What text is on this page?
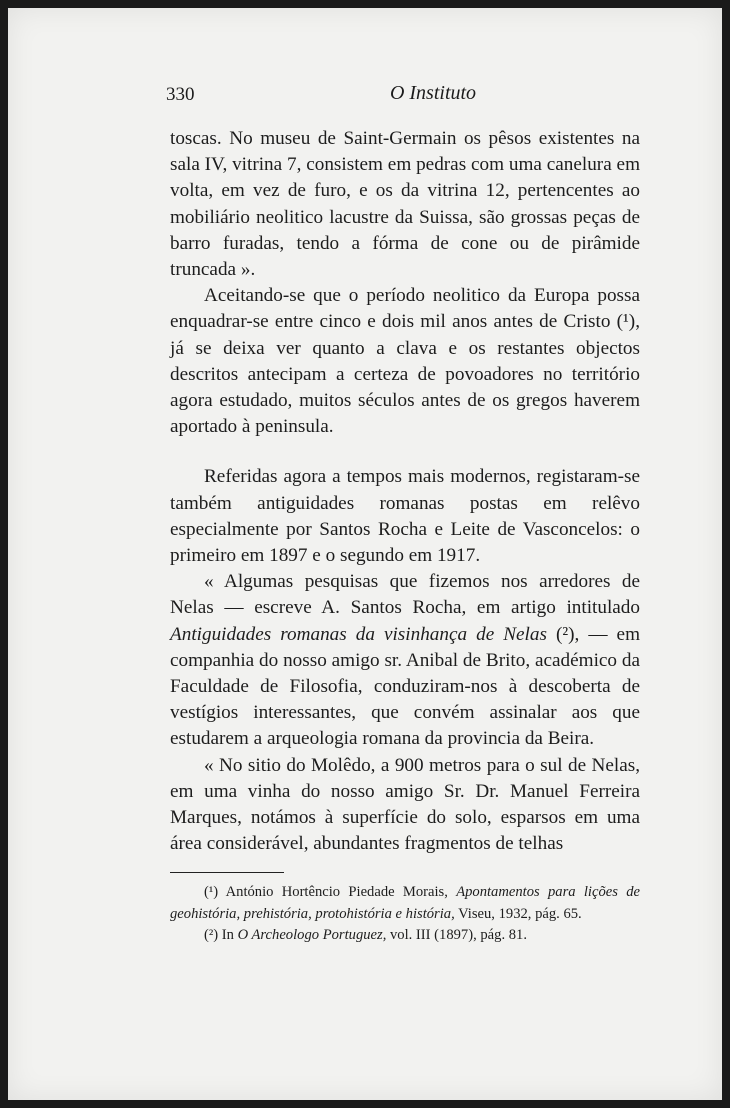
330	O Instituto

toscas. No museu de Saint-Germain os pêsos existentes na sala IV, vitrina 7, consistem em pedras com uma canelura em volta, em vez de furo, e os da vitrina 12, pertencentes ao mobiliário neolitico lacustre da Suissa, são grossas peças de barro furadas, tendo a fórma de cone ou de pirâmide truncada ».

Aceitando-se que o período neolitico da Europa possa enquadrar-se entre cinco e dois mil anos antes de Cristo (¹), já se deixa ver quanto a clava e os restantes objectos descritos antecipam a certeza de povoadores no território agora estudado, muitos séculos antes de os gregos haverem aportado à peninsula.

Referidas agora a tempos mais modernos, registaram-se também antiguidades romanas postas em relêvo especialmente por Santos Rocha e Leite de Vasconcelos: o primeiro em 1897 e o segundo em 1917.

« Algumas pesquisas que fizemos nos arredores de Nelas — escreve A. Santos Rocha, em artigo intitulado Antiguidades romanas da visinhança de Nelas (²), — em companhia do nosso amigo sr. Anibal de Brito, académico da Faculdade de Filosofia, conduziram-nos à descoberta de vestígios interessantes, que convém assinalar aos que estudarem a arqueologia romana da provincia da Beira.

« No sitio do Molêdo, a 900 metros para o sul de Nelas, em uma vinha do nosso amigo Sr. Dr. Manuel Ferreira Marques, notámos à superfície do solo, esparsos em uma área considerável, abundantes fragmentos de telhas

(¹) António Hortêncio Piedade Morais, Apontamentos para lições de geohistória, prehistória, protohistória e história, Viseu, 1932, pág. 65.

(²) In O Archeologo Portuguez, vol. III (1897), pág. 81.
